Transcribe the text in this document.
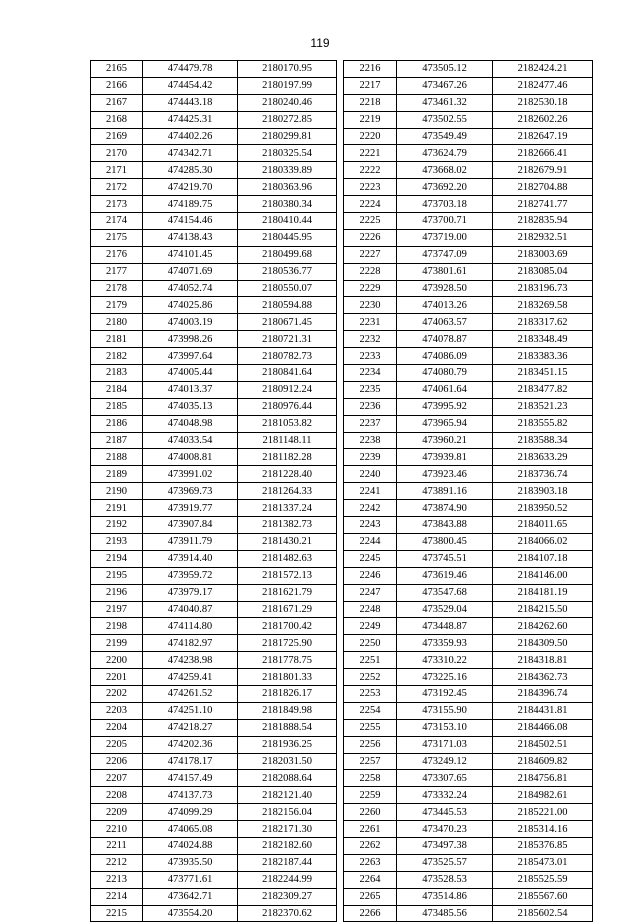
119
2165	474479.78	2180170.95
2166	474454.42	2180197.99
2167	474443.18	2180240.46
2168	474425.31	2180272.85
2169	474402.26	2180299.81
2170	474342.71	2180325.54
2171	474285.30	2180339.89
2172	474219.70	2180363.96
2173	474189.75	2180380.34
2174	474154.46	2180410.44
2175	474138.43	2180445.95
2176	474101.45	2180499.68
2177	474071.69	2180536.77
2178	474052.74	2180550.07
2179	474025.86	2180594.88
2180	474003.19	2180671.45
2181	473998.26	2180721.31
2182	473997.64	2180782.73
2183	474005.44	2180841.64
2184	474013.37	2180912.24
2185	474035.13	2180976.44
2186	474048.98	2181053.82
2187	474033.54	2181148.11
2188	474008.81	2181182.28
2189	473991.02	2181228.40
2190	473969.73	2181264.33
2191	473919.77	2181337.24
2192	473907.84	2181382.73
2193	473911.79	2181430.21
2194	473914.40	2181482.63
2195	473959.72	2181572.13
2196	473979.17	2181621.79
2197	474040.87	2181671.29
2198	474114.80	2181700.42
2199	474182.97	2181725.90
2200	474238.98	2181778.75
2201	474259.41	2181801.33
2202	474261.52	2181826.17
2203	474251.10	2181849.98
2204	474218.27	2181888.54
2205	474202.36	2181936.25
2206	474178.17	2182031.50
2207	474157.49	2182088.64
2208	474137.73	2182121.40
2209	474099.29	2182156.04
2210	474065.08	2182171.30
2211	474024.88	2182182.60
2212	473935.50	2182187.44
2213	473771.61	2182244.99
2214	473642.71	2182309.27
2215	473554.20	2182370.62
2216	473505.12	2182424.21
2217	473467.26	2182477.46
2218	473461.32	2182530.18
2219	473502.55	2182602.26
2220	473549.49	2182647.19
2221	473624.79	2182666.41
2222	473668.02	2182679.91
2223	473692.20	2182704.88
2224	473703.18	2182741.77
2225	473700.71	2182835.94
2226	473719.00	2182932.51
2227	473747.09	2183003.69
2228	473801.61	2183085.04
2229	473928.50	2183196.73
2230	474013.26	2183269.58
2231	474063.57	2183317.62
2232	474078.87	2183348.49
2233	474086.09	2183383.36
2234	474080.79	2183451.15
2235	474061.64	2183477.82
2236	473995.92	2183521.23
2237	473965.94	2183555.82
2238	473960.21	2183588.34
2239	473939.81	2183633.29
2240	473923.46	2183736.74
2241	473891.16	2183903.18
2242	473874.90	2183950.52
2243	473843.88	2184011.65
2244	473800.45	2184066.02
2245	473745.51	2184107.18
2246	473619.46	2184146.00
2247	473547.68	2184181.19
2248	473529.04	2184215.50
2249	473448.87	2184262.60
2250	473359.93	2184309.50
2251	473310.22	2184318.81
2252	473225.16	2184362.73
2253	473192.45	2184396.74
2254	473155.90	2184431.81
2255	473153.10	2184466.08
2256	473171.03	2184502.51
2257	473249.12	2184609.82
2258	473307.65	2184756.81
2259	473332.24	2184982.61
2260	473445.53	2185221.00
2261	473470.23	2185314.16
2262	473497.38	2185376.85
2263	473525.57	2185473.01
2264	473528.53	2185525.59
2265	473514.86	2185567.60
2266	473485.56	2185602.54
